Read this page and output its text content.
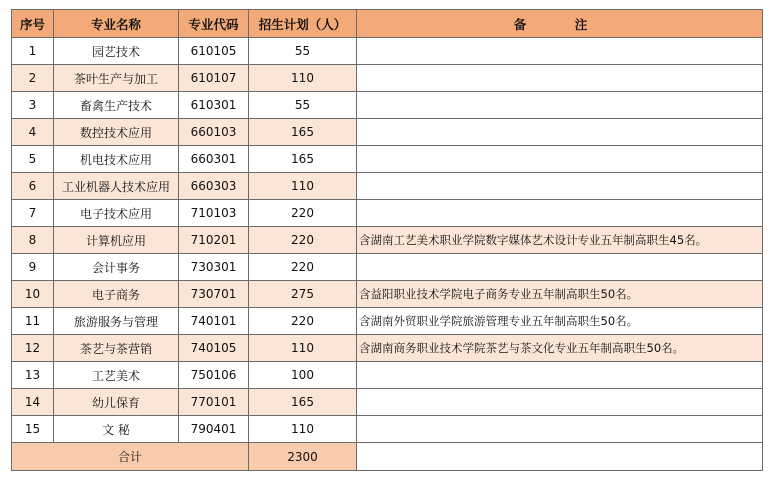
序号	专业名称	专业代码	招生计划（人）	备　注
1	园艺技术	610105	55	
2	茶叶生产与加工	610107	110	
3	畜禽生产技术	610301	55	
4	数控技术应用	660103	165	
5	机电技术应用	660301	165	
6	工业机器人技术应用	660303	110	
7	电子技术应用	710103	220	
8	计算机应用	710201	220	含湖南工艺美术职业学院数字媒体艺术设计专业五年制高职生45名。
9	会计事务	730301	220	
10	电子商务	730701	275	含益阳职业技术学院电子商务专业五年制高职生50名。
11	旅游服务与管理	740101	220	含湖南外贸职业学院旅游管理专业五年制高职生50名。
12	茶艺与茶营销	740105	110	含湖南商务职业技术学院茶艺与茶文化专业五年制高职生50名。
13	工艺美术	750106	100	
14	幼儿保育	770101	165	
15	文 秘	790401	110	
合计			2300	
